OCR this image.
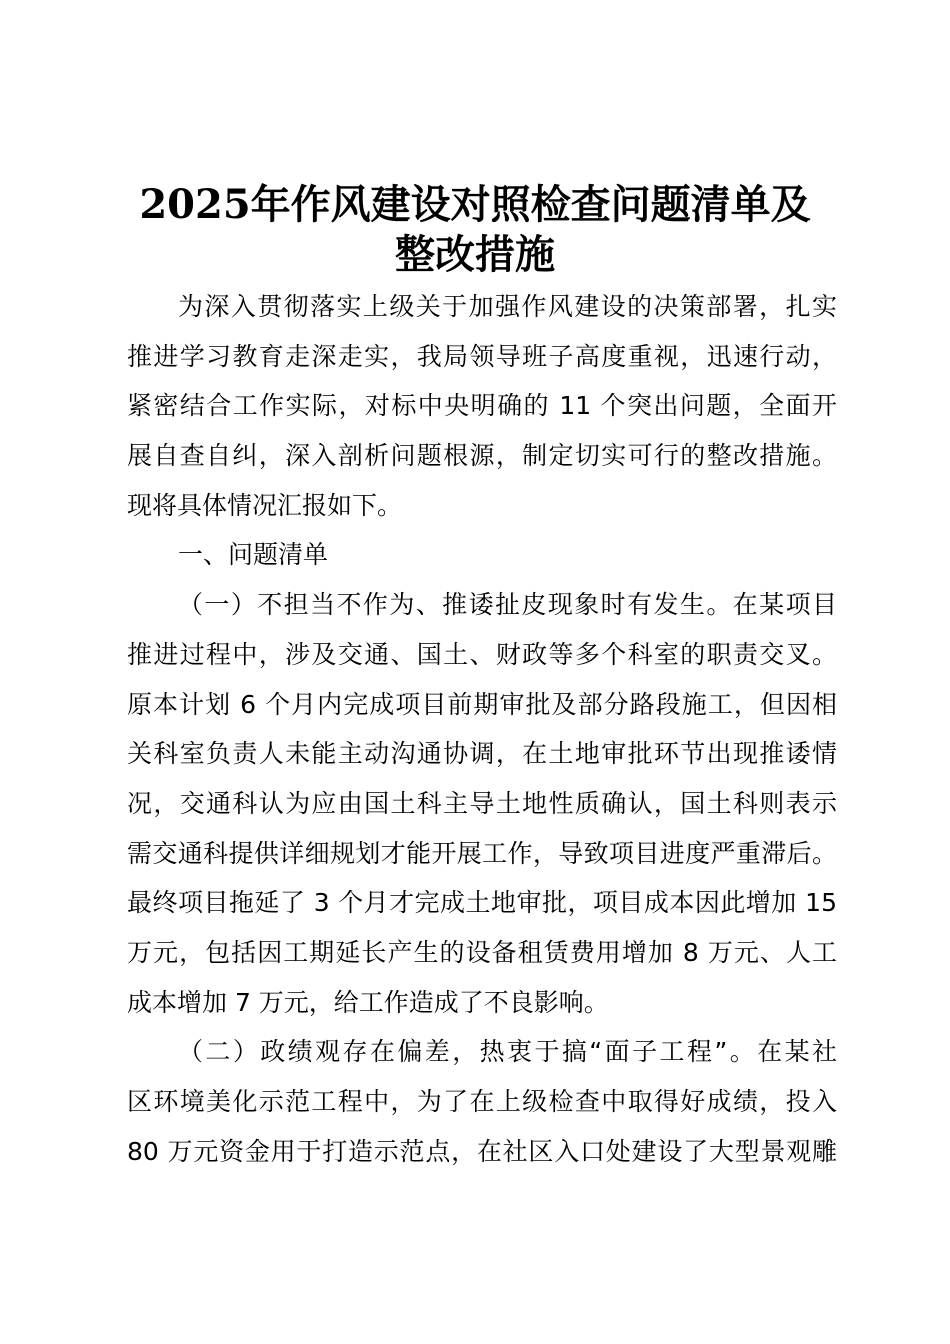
2025年作风建设对照检查问题清单及
整改措施
为深入贯彻落实上级关于加强作风建设的决策部署，扎实
推进学习教育走深走实，我局领导班子高度重视，迅速行动，
紧密结合工作实际，对标中央明确的 11 个突出问题，全面开
展自查自纠，深入剖析问题根源，制定切实可行的整改措施。
现将具体情况汇报如下。
一、问题清单
（一）不担当不作为、推诿扯皮现象时有发生。在某项目
推进过程中，涉及交通、国土、财政等多个科室的职责交叉。
原本计划 6 个月内完成项目前期审批及部分路段施工，但因相
关科室负责人未能主动沟通协调，在土地审批环节出现推诿情
况，交通科认为应由国土科主导土地性质确认，国土科则表示
需交通科提供详细规划才能开展工作，导致项目进度严重滞后。
最终项目拖延了 3 个月才完成土地审批，项目成本因此增加 15
万元，包括因工期延长产生的设备租赁费用增加 8 万元、人工
成本增加 7 万元，给工作造成了不良影响。
（二）政绩观存在偏差，热衷于搞“面子工程”。在某社
区环境美化示范工程中，为了在上级检查中取得好成绩，投入
80 万元资金用于打造示范点，在社区入口处建设了大型景观雕
